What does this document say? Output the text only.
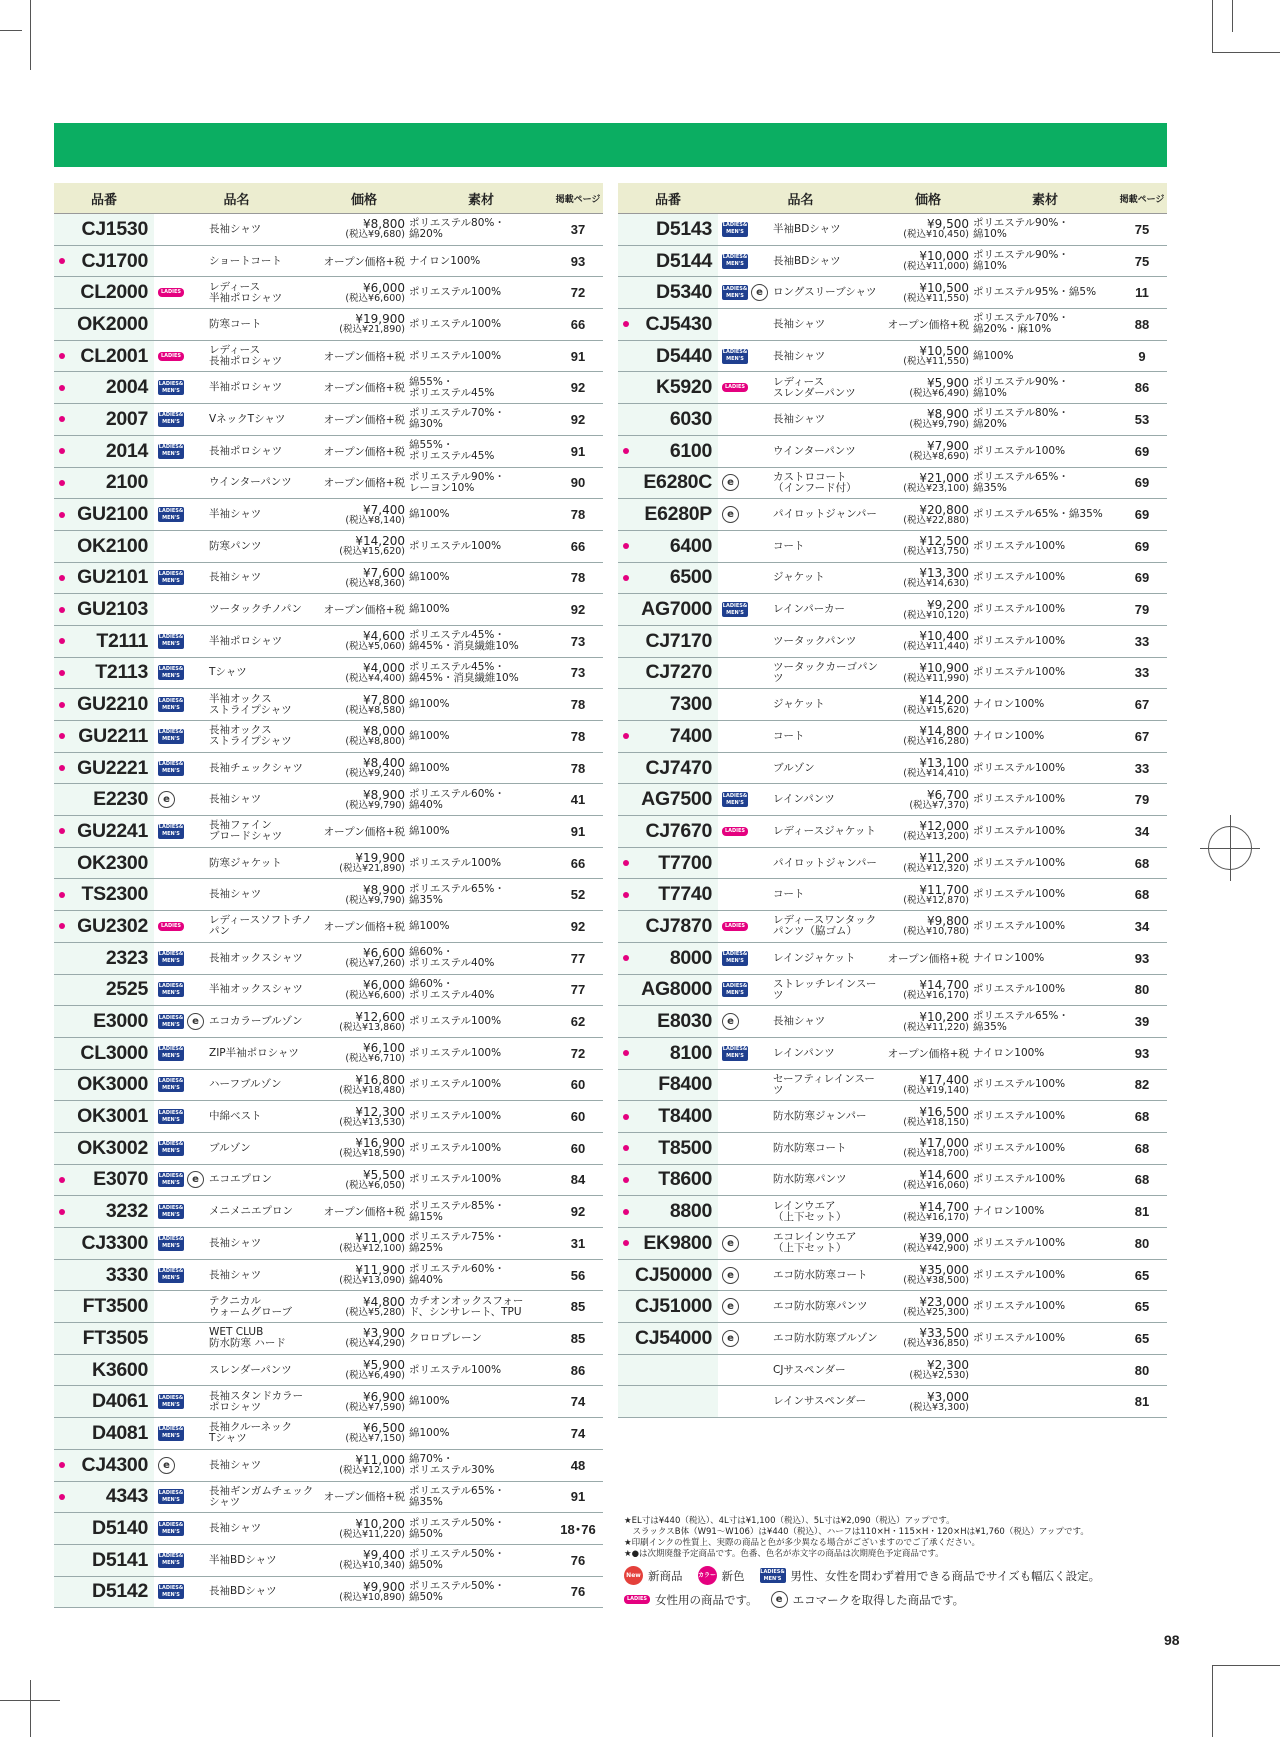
品番	品名	価格	素材	掲載ページ
CJ1530	長袖シャツ	¥8,800
(税込¥9,680)
ポリエステル80%・
綿20%	37
CJ1700	ショートコート	オープン価格+税 ナイロン100%	93
CL2000	LADIES	レディース
半袖ポロシャツ
¥6,000
(税込¥6,600) ポリエステル100%	72
OK2000	防寒コート	¥19,900
(税込¥21,890) ポリエステル100%	66
CL2001	LADIES	レディース
長袖ポロシャツ	オープン価格+税 ポリエステル100%	91
2004 LADIES& MEN'S	半袖ポロシャツ	オープン価格+税
綿55%・
ポリエステル45%	92
2007 LADIES& MEN'S	VネックTシャツ	オープン価格+税
ポリエステル70%・
綿30%	92
2014 LADIES& MEN'S	長袖ポロシャツ	オープン価格+税
綿55%・
ポリエステル45%	91
2100	ウインターパンツ	オープン価格+税
ポリエステル90%・
レーヨン10%	90
GU2100 LADIES& MEN'S	半袖シャツ	¥7,400
(税込¥8,140) 綿100%	78
OK2100	防寒パンツ	¥14,200
(税込¥15,620) ポリエステル100%	66
GU2101 LADIES& MEN'S	長袖シャツ	¥7,600
(税込¥8,360) 綿100%	78
GU2103	ツータックチノパン	オープン価格+税 綿100%	92
T2111 LADIES& MEN'S	半袖ポロシャツ	¥4,600
(税込¥5,060)
ポリエステル45%・
綿45%・消臭繊維10%	73
T2113 LADIES& MEN'S	Tシャツ	¥4,000
(税込¥4,400)
ポリエステル45%・
綿45%・消臭繊維10%	73
GU2210 LADIES& MEN'S
半袖オックス
ストライプシャツ
¥7,800
(税込¥8,580) 綿100%	78
GU2211 LADIES& MEN'S
長袖オックス
ストライプシャツ
¥8,000
(税込¥8,800) 綿100%	78
GU2221 LADIES& MEN'S	長袖チェックシャツ	¥8,400
(税込¥9,240) 綿100%	78
E2230	e	長袖シャツ	¥8,900
(税込¥9,790)
ポリエステル60%・
綿40%	41
GU2241 LADIES& MEN'S
長袖ファイン
ブロードシャツ	オープン価格+税 綿100%	91
OK2300	防寒ジャケット	¥19,900
(税込¥21,890) ポリエステル100%	66
TS2300	長袖シャツ	¥8,900
(税込¥9,790)
ポリエステル65%・
綿35%	52
GU2302	LADIES	レディースソフトチノパン	オープン価格+税 綿100%	92
2323 LADIES& MEN'S	長袖オックスシャツ	¥6,600
(税込¥7,260)
綿60%・
ポリエステル40%	77
2525 LADIES& MEN'S	半袖オックスシャツ	¥6,000
(税込¥6,600)
綿60%・
ポリエステル40%	77
E3000 LADIES& MEN'S	e エコカラーブルゾン	¥12,600
(税込¥13,860) ポリエステル100%	62
CL3000 LADIES& MEN'S	ZIP半袖ポロシャツ	¥6,100
(税込¥6,710) ポリエステル100%	72
OK3000 LADIES& MEN'S	ハーフブルゾン	¥16,800
(税込¥18,480) ポリエステル100%	60
OK3001 LADIES& MEN'S	中綿ベスト	¥12,300
(税込¥13,530) ポリエステル100%	60
OK3002 LADIES& MEN'S	ブルゾン	¥16,900
(税込¥18,590) ポリエステル100%	60
E3070 LADIES& MEN'S	e エコエプロン	¥5,500
(税込¥6,050) ポリエステル100%	84
3232 LADIES& MEN'S	メニメニエプロン	オープン価格+税
ポリエステル85%・
綿15%	92
CJ3300 LADIES& MEN'S	長袖シャツ	¥11,000
(税込¥12,100)
ポリエステル75%・
綿25%	31
3330 LADIES& MEN'S	長袖シャツ	¥11,900
(税込¥13,090)
ポリエステル60%・
綿40%	56
FT3500	テクニカル
ウォームグローブ
¥4,800
(税込¥5,280)
カチオンオックスフォー
ド、シンサレート、TPU	85
FT3505	WET CLUB
防水防寒 ハード
¥3,900
(税込¥4,290) クロロプレーン	85
K3600	スレンダーパンツ	¥5,900
(税込¥6,490) ポリエステル100%	86
D4061 LADIES& MEN'S
長袖スタンドカラー
ポロシャツ
¥6,900
(税込¥7,590) 綿100%	74
D4081 LADIES& MEN'S
長袖クルーネック
Tシャツ
¥6,500
(税込¥7,150) 綿100%	74
CJ4300	e	長袖シャツ	¥11,000
(税込¥12,100)
綿70%・
ポリエステル30%	48
4343 LADIES& MEN'S
長袖ギンガムチェック
シャツ	オープン価格+税
ポリエステル65%・
綿35%	91
D5140 LADIES& MEN'S	長袖シャツ	¥10,200
(税込¥11,220)
ポリエステル50%・
綿50%	18･76
D5141 LADIES& MEN'S	半袖BDシャツ	¥9,400
(税込¥10,340)
ポリエステル50%・
綿50%	76
D5142 LADIES& MEN'S	長袖BDシャツ	¥9,900
(税込¥10,890)
ポリエステル50%・
綿50%	76
品番	品名	価格	素材	掲載ページ
D5143 LADIES& MEN'S	半袖BDシャツ	¥9,500
(税込¥10,450)
ポリエステル90%・
綿10%	75
D5144 LADIES& MEN'S	長袖BDシャツ	¥10,000
(税込¥11,000)
ポリエステル90%・
綿10%	75
D5340 LADIES& MEN'S	e ロングスリーブシャツ	¥10,500
(税込¥11,550) ポリエステル95%・綿5%	11
CJ5430	長袖シャツ	オープン価格+税
ポリエステル70%・
綿20%・麻10%	88
D5440 LADIES& MEN'S	長袖シャツ	¥10,500
(税込¥11,550) 綿100%	9
K5920	LADIES	レディース
スレンダーパンツ
¥5,900
(税込¥6,490)
ポリエステル90%・
綿10%	86
6030	長袖シャツ	¥8,900
(税込¥9,790)
ポリエステル80%・
綿20%	53
6100	ウインターパンツ	¥7,900
(税込¥8,690) ポリエステル100%	69
E6280C	e	カストロコート
（インフード付）
¥21,000
(税込¥23,100)
ポリエステル65%・
綿35%	69
E6280P	e	パイロットジャンパー	¥20,800
(税込¥22,880) ポリエステル65%・綿35%	69
6400	コート	¥12,500
(税込¥13,750) ポリエステル100%	69
6500	ジャケット	¥13,300
(税込¥14,630) ポリエステル100%	69
AG7000 LADIES& MEN'S	レインパーカー	¥9,200
(税込¥10,120) ポリエステル100%	79
CJ7170	ツータックパンツ	¥10,400
(税込¥11,440) ポリエステル100%	33
CJ7270	ツータックカーゴパンツ
¥10,900
(税込¥11,990) ポリエステル100%	33
7300	ジャケット	¥14,200
(税込¥15,620) ナイロン100%	67
7400	コート	¥14,800
(税込¥16,280) ナイロン100%	67
CJ7470	ブルゾン	¥13,100
(税込¥14,410) ポリエステル100%	33
AG7500 LADIES& MEN'S	レインパンツ	¥6,700
(税込¥7,370) ポリエステル100%	79
CJ7670	LADIES	レディースジャケット	¥12,000
(税込¥13,200) ポリエステル100%	34
T7700	パイロットジャンパー	¥11,200
(税込¥12,320) ポリエステル100%	68
T7740	コート	¥11,700
(税込¥12,870) ポリエステル100%	68
CJ7870	LADIES	レディースワンタック
パンツ（脇ゴム）
¥9,800
(税込¥10,780) ポリエステル100%	34
8000 LADIES& MEN'S	レインジャケット	オープン価格+税 ナイロン100%	93
AG8000 LADIES& MEN'S
ストレッチレインスーツ
¥14,700
(税込¥16,170) ポリエステル100%	80
E8030	e	長袖シャツ	¥10,200
(税込¥11,220)
ポリエステル65%・
綿35%	39
8100 LADIES& MEN'S	レインパンツ	オープン価格+税 ナイロン100%	93
F8400	セーフティレインスーツ
¥17,400
(税込¥19,140) ポリエステル100%	82
T8400	防水防寒ジャンパー	¥16,500
(税込¥18,150) ポリエステル100%	68
T8500	防水防寒コート	¥17,000
(税込¥18,700) ポリエステル100%	68
T8600	防水防寒パンツ	¥14,600
(税込¥16,060) ポリエステル100%	68
8800	レインウエア
（上下セット）
¥14,700
(税込¥16,170) ナイロン100%	81
EK9800	e	エコレインウエア
（上下セット）
¥39,000
(税込¥42,900) ポリエステル100%	80
CJ50000	e	エコ防水防寒コート	¥35,000
(税込¥38,500) ポリエステル100%	65
CJ51000	e	エコ防水防寒パンツ	¥23,000
(税込¥25,300) ポリエステル100%	65
CJ54000	e	エコ防水防寒ブルゾン	¥33,500
(税込¥36,850) ポリエステル100%	65
CJサスペンダー	¥2,300
(税込¥2,530)	80
レインサスペンダー	¥3,000
(税込¥3,300)	81
★EL寸は¥440（税込）、4L寸は¥1,100（税込）、5L寸は¥2,090（税込）アップです。
　スラックスB体（W91〜W106）は¥440（税込）、ハーフは110×H・115×H・120×Hは¥1,760（税込）アップです。
★印刷インクの性質上、実際の商品と色が多少異なる場合がございますのでご了承ください。
★●は次期廃盤予定商品です。色番、色名が赤文字の商品は次期廃色予定商品です。
New 新商品	カラー 新色	LADIES& MEN'S 男性、女性を問わず着用できる商品でサイズも幅広く設定。
LADIES 女性用の商品です。	e エコマークを取得した商品です。
98
